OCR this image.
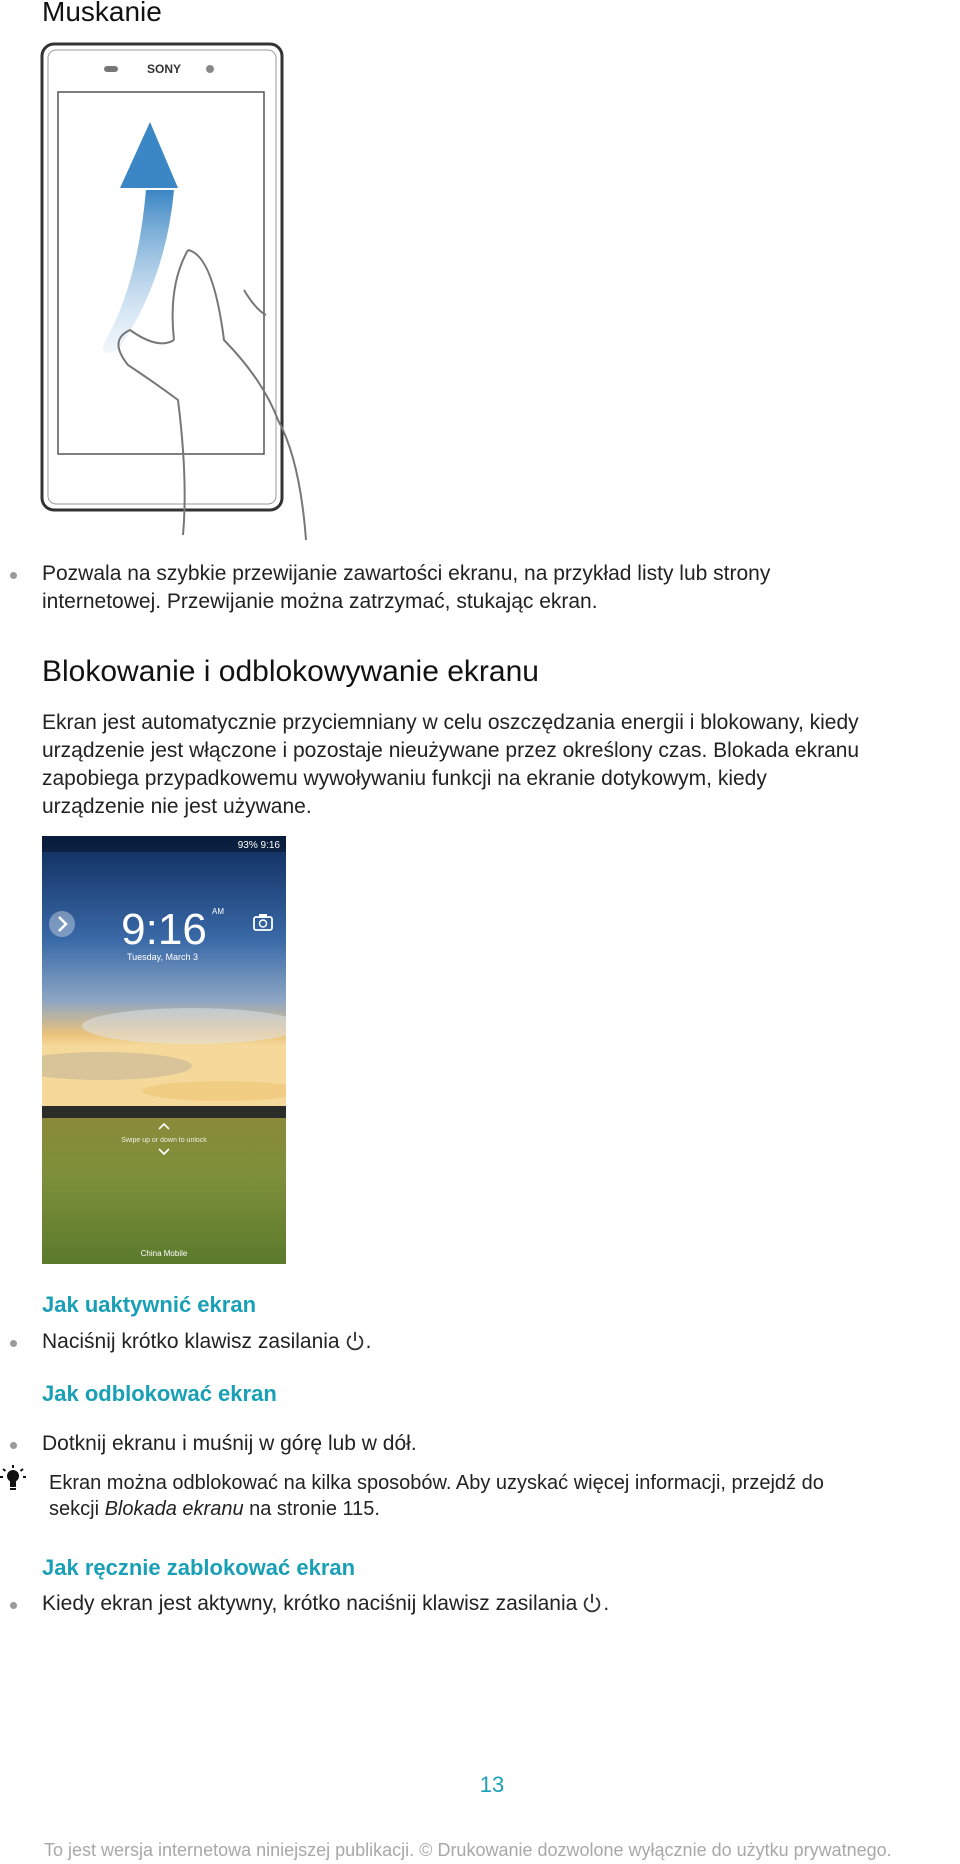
Muskanie
SONY
Pozwala na szybkie przewijanie zawartości ekranu, na przykład listy lub strony
internetowej. Przewijanie można zatrzymać, stukając ekran.
Blokowanie i odblokowywanie ekranu
Ekran jest automatycznie przyciemniany w celu oszczędzania energii i blokowany, kiedy
urządzenie jest włączone i pozostaje nieużywane przez określony czas. Blokada ekranu
zapobiega przypadkowemu wywoływaniu funkcji na ekranie dotykowym, kiedy
urządzenie nie jest używane.
93% 9:16
9:16 AM
Tuesday, March 3
Swipe up or down to unlock
China Mobile
Jak uaktywnić ekran
Naciśnij krótko klawisz zasilania .
Jak odblokować ekran
Dotknij ekranu i muśnij w górę lub w dół.
Ekran można odblokować na kilka sposobów. Aby uzyskać więcej informacji, przejdź do
sekcji Blokada ekranu na stronie 115.
Jak ręcznie zablokować ekran
Kiedy ekran jest aktywny, krótko naciśnij klawisz zasilania .
13
To jest wersja internetowa niniejszej publikacji. © Drukowanie dozwolone wyłącznie do użytku prywatnego.
